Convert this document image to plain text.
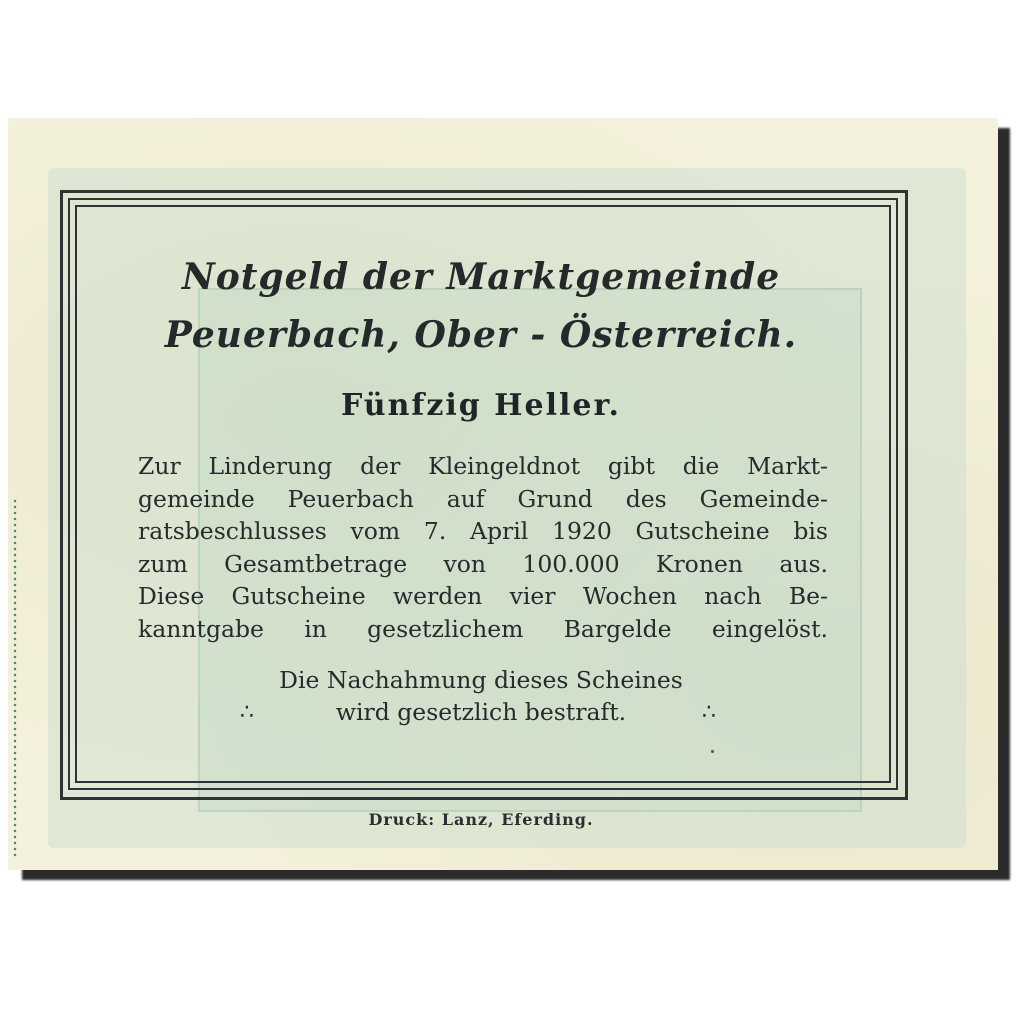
Notgeld der Marktgemeinde
Peuerbach, Ober - Österreich.
Fünfzig Heller.
Zur Linderung der Kleingeldnot gibt die Markt-
gemeinde Peuerbach auf Grund des Gemeinde-
ratsbeschlusses vom 7. April 1920 Gutscheine bis
zum Gesamtbetrage von 100.000 Kronen aus.
Diese Gutscheine werden vier Wochen nach Be-
kanntgabe in gesetzlichem Bargelde eingelöst.
Die Nachahmung dieses Scheines
wird gesetzlich bestraft.
∴	∴
Druck: Lanz, Eferding.
